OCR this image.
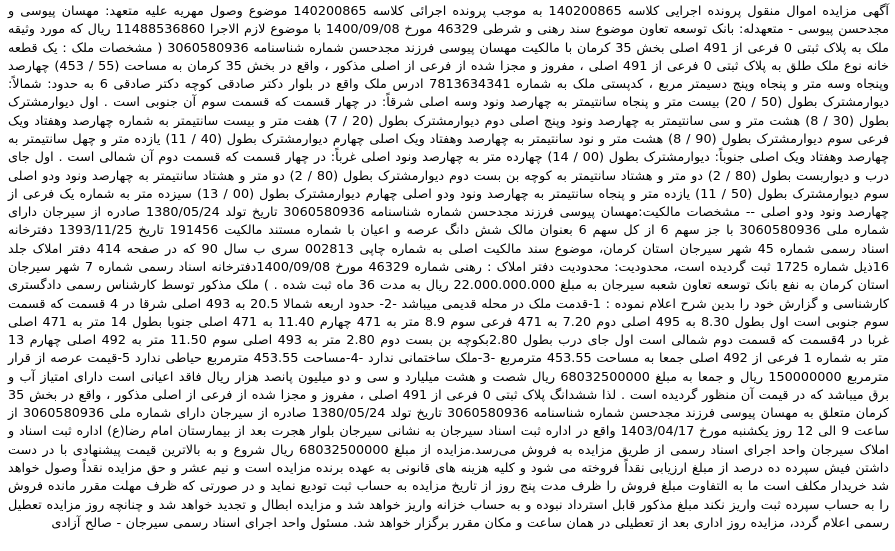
آگهی مزایده اموال منقول پرونده اجرایی کلاسه 140200865 به موجب پرونده اجرائی کلاسه 140200865 موضوع وصول مهریه علیه متعهد: مهسان پیوسی و مجدحسن پیوسی - متعهدله: بانک توسعه تعاون موضوع سند رهنی و شرطی 46329 مورخ 1400/09/08 با موضوع لازم الاجرا 11488536860 ریال که مورد وثیقه ملک به پلاک ثبتی 0 فرعی از 491 اصلی بخش 35 کرمان با مالکیت مهسان پیوسی فرزند مجدحسن شماره شناسنامه 3060580936 ( مشخصات ملک : یک قطعه خانه نوع ملک طلق به پلاک ثبتی 0 فرعی از 491 اصلی ، مفروز و مجزا شده از فرعی از اصلی مذکور ، واقع در بخش 35 کرمان به مساحت (55 / 453) چهارصد وپنجاه وسه متر و پنجاه وپنج دسیمتر مربع ، کدپستی ملک به شماره 7813634341 ادرس ملک واقع در بلوار دکتر صادقی کوچه دکتر صادقی 6 به حدود: شمالاً: دیوارمشترک بطول (50 / 20) بیست متر و پنجاه سانتیمتر به چهارصد ونود وسه اصلی شرقاً: در چهار قسمت که قسمت سوم آن جنوبی است . اول دیوارمشترک بطول (30 / 8) هشت متر و سی سانتیمتر به چهارصد ونود وپنج اصلی دوم دیوارمشترک بطول (20 / 7) هفت متر و بیست سانتیمتر به شماره چهارصد وهفتاد ویک فرعی سوم دیوارمشترک بطول (90 / 8) هشت متر و نود سانتیمتر به چهارصد وهفتاد ویک اصلی چهارم دیوارمشترک بطول (40 / 11) یازده متر و چهل سانتیمتر به چهارصد وهفتاد ویک اصلی جنوباً: دیوارمشترک بطول (00 / 14) چهارده متر به چهارصد ونود اصلی غرباً: در چهار قسمت که قسمت دوم آن شمالی است . اول جای درب و دیواربست بطول (80 / 2) دو متر و هشتاد سانتیمتر به کوچه بن بست دوم دیوارمشترک بطول (80 / 2) دو متر و هشتاد سانتیمتر به چهارصد ونود ودو اصلی سوم دیوارمشترک بطول (50 / 11) یازده متر و پنجاه سانتیمتر به چهارصد ونود ودو اصلی چهارم دیوارمشترک بطول (00 / 13) سیزده متر به شماره یک فرعی از چهارصد ونود ودو اصلی -- مشخصات مالکیت:مهسان پیوسی فرزند مجدحسن شماره شناسنامه 3060580936 تاریخ تولد 1380/05/24 صادره از سیرجان دارای شماره ملی 3060580936 با جز سهم 6 از کل سهم 6 بعنوان مالک شش دانگ عرصه و اعیان با شماره مستند مالکیت 191456 تاریخ 1393/11/25 دفترخانه اسناد رسمی شماره 45 شهر سیرجان استان کرمان، موضوع سند مالکیت اصلی به شماره چاپی 002813 سری ب سال 90 که در صفحه 414 دفتر املاک جلد 16ذیل شماره 1725 ثبت گردیده است، محدودیت: محدودیت دفتر املاک : رهنی شماره 46329 مورخ 1400/09/08دفترخانه اسناد رسمی شماره 7 شهر سیرجان استان کرمان به نفع بانک توسعه تعاون شعبه سیرجان به مبلغ 22.000.000.000 ریال به مدت 36 ماه ثبت شده . ) ملک مذکور توسط کارشناس رسمی دادگستری کارشناسی و گزارش خود را بدین شرح اعلام نموده : 1-قدمت ملک در محله قدیمی میباشد -2- حدود اربعه شمالا 20.5 به 493 اصلی شرقا در 4 قسمت که قسمت سوم جنوبی است اول بطول 8.30 به 495 اصلی دوم 7.20 به 471 فرعی سوم 8.9 متر به 471 چهارم 11.40 به 471 اصلی جنوبا بطول 14 متر به 471 اصلی غربا در 4قسمت که قسمت دوم شمالی است اول جای درب بطول 2.80بکوچه بن بست دوم 2.80 متر به 493 اصلی سوم 11.50 متر به 492 اصلی چهارم 13 متر به شماره 1 فرعی از 492 اصلی جمعا به مساحت 453.55 مترمربع -3-ملک ساختمانی ندارد -4-مساحت 453.55 مترمربع حیاطی ندارد 5-قیمت عرصه از قرار مترمربع 150000000 ریال و جمعا به مبلغ 68032500000 ریال شصت و هشت میلیارد و سی و دو میلیون پانصد هزار ریال فاقد اعیانی است دارای امتیاز آب و برق میباشد که در قیمت آن منظور گردیده است . لذا ششدانگ پلاک ثبتی 0 فرعی از 491 اصلی ، مفروز و مجزا شده از فرعی از اصلی مذکور ، واقع در بخش 35 کرمان متعلق به مهسان پیوسی فرزند مجدحسن شماره شناسنامه 3060580936 تاریخ تولد 1380/05/24 صادره از سیرجان دارای شماره ملی 3060580936 از ساعت 9 الی 12 روز یکشنبه مورخ 1403/04/17 واقع در اداره ثبت اسناد سیرجان به نشانی سیرجان بلوار هجرت بعد از بیمارستان امام رضا(ع) اداره ثبت اسناد و املاک سیرجان واحد اجرای اسناد رسمی از طریق مزایده به فروش می‌رسد.مزایده از مبلغ 68032500000 ریال شروع و به بالاترین قیمت پیشنهادی با در دست داشتن فیش سپرده ده درصد از مبلغ ارزیابی نقداً فروخته می شود و کلیه هزینه های قانونی به عهده برنده مزایده است و نیم عشر و حق مزایده نقداً وصول خواهد شد خریدار مکلف است ما به التفاوت مبلغ فروش را ظرف مدت پنج روز از تاریخ مزایده به حساب ثبت تودیع نماید و در صورتی که ظرف مهلت مقرر مانده فروش را به حساب سپرده ثبت واریز نکند مبلغ مذکور قابل استرداد نبوده و به حساب خزانه واریز خواهد شد و مزایده ابطال و تجدید خواهد شد و چنانچه روز مزایده تعطیل رسمی اعلام گردد، مزایده روز اداری بعد از تعطیلی در همان ساعت و مکان مقرر برگزار خواهد شد. مسئول واحد اجرای اسناد رسمی سیرجان - صالح آزادی
